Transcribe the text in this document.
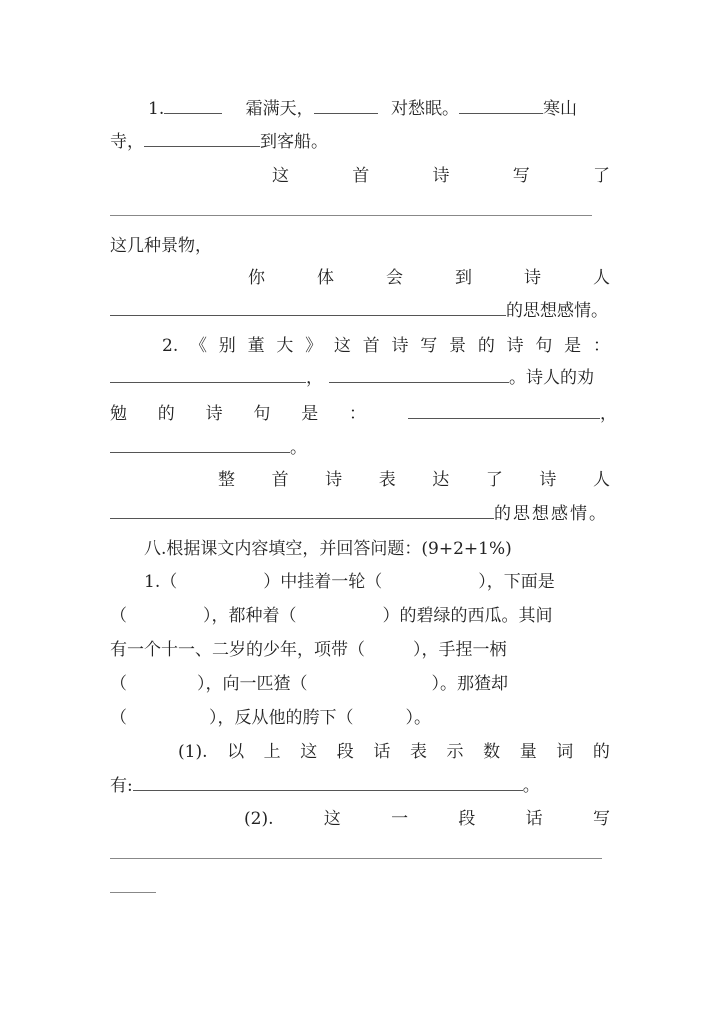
1.	霜满天，	对愁眠。	寒山
寺，	到客船。
这	首	诗	写	了
这几种景物，
你	体	会	到	诗	人
的思想感情。
2. 《 别 董 大 》 这 首 诗 写 景 的 诗 句 是 ：
，	。诗人的劝
勉 的 诗 句 是 ：	，
。
整 首 诗 表 达 了 诗 人
的思想感情。
八.根据课文内容填空，并回答问题：(9+2+1%)
1.（	）中挂着一轮（	），下面是
（	），都种着（	）的碧绿的西瓜。其间
有一个十一、二岁的少年，项带（	），手捏一柄
（	），向一匹猹（	）。那猹却
（	），反从他的胯下（	）。
(1). 以 上 这 段 话 表 示 数 量 词 的
有:	。
(2).	这	一	段	话	写
